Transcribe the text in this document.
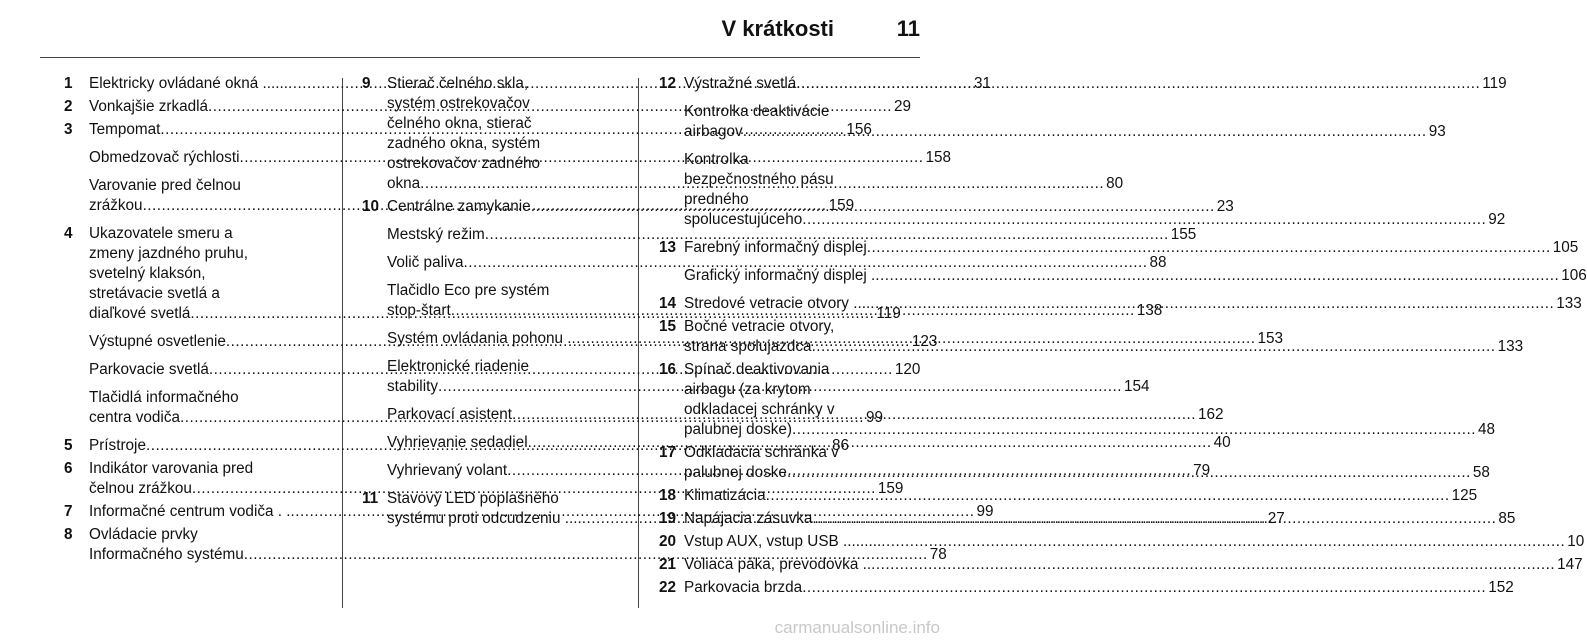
V krátkosti	11
1	Elektricky ovládané okná ...... .....	31
2	Vonkajšie zrkadlá .....	29
3	Tempomat .....	156
Obmedzovač rýchlosti .....	158
Varovanie pred čelnou
zrážkou .....	159
4	Ukazovatele smeru a
zmeny jazdného pruhu,
svetelný klaksón,
stretávacie svetlá a
diaľkové svetlá .....	119
Výstupné osvetlenie .....	123
Parkovacie svetlá .....	120
Tlačidlá informačného
centra vodiča .....	99
5	Prístroje .....	86
6	Indikátor varovania pred
čelnou zrážkou .....	159
7	Informačné centrum vodiča . . .....	99
8	Ovládacie prvky
Informačného systému .....	78
9	Stierač čelného skla,
systém ostrekovačov
čelného okna, stierač
zadného okna, systém
ostrekovačov zadného
okna .....	80
10 Centrálne zamykanie .....	23
Mestský režim .....	155
Volič paliva .....	88
Tlačidlo Eco pre systém
stop-štart .....	138
Systém ovládania pohonu . .....	153
Elektronické riadenie
stability .....	154
Parkovací asistent .....	162
Vyhrievanie sedadiel .....	40
Vyhrievaný volant .....	79
11 Stavový LED poplašného
systému proti odcudzeniu .... .....	27
12 Výstražné svetlá .....	119
Kontrolka deaktivácie
airbagov .....	93
Kontrolka
bezpečnostného pásu
predného
spolucestujúceho .....	92
13 Farebný informačný displej .....	105
Grafický informačný displej . .....	106
14 Stredové vetracie otvory .... .....	133
15 Bočné vetracie otvory,
strana spolujazdca .....	133
16 Spínač deaktivovania
airbagu (za krytom
odkladacej schránky v
palubnej doske) .....	48
17 Odkladacia schránka v
palubnej doske .....	58
18 Klimatizácia .....	125
19 Napájacia zásuvka .....	85
20 Vstup AUX, vstup USB ......... .....	10
21 Voliaca páka, prevodovka .. .....	147
22 Parkovacia brzda .....	152
carmanualsonline.info
